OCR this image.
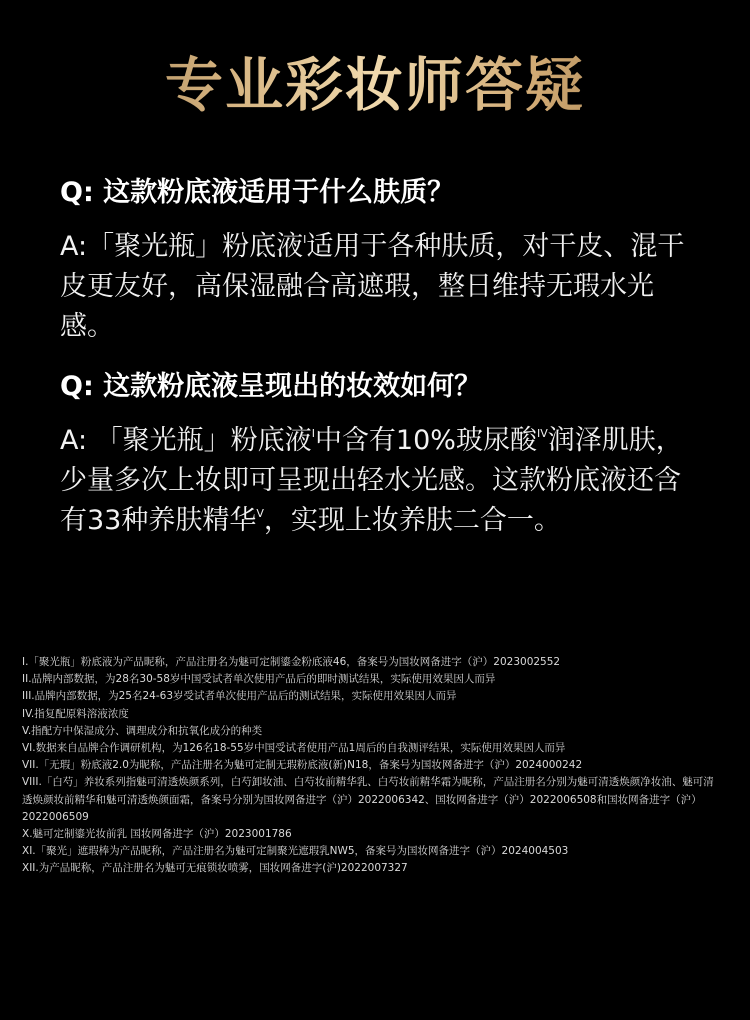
专业彩妆师答疑
Q: 这款粉底液适用于什么肤质？
A:「聚光瓶」粉底液$^I$适用于各种肤质，对干皮、混干皮更友好，高保湿融合高遮瑕，整日维持无瑕水光感。
Q: 这款粉底液呈现出的妆效如何？
A: 「聚光瓶」粉底液$^I$中含有10%玻尿酸$^{IV}$润泽肌肤，少量多次上妆即可呈现出轻水光感。这款粉底液还含有33种养肤精华$^V$，实现上妆养肤二合一。
I.「聚光瓶」粉底液为产品昵称，产品注册名为魅可定制鎏金粉底液46，备案号为国妆网备进字（沪）2023002552
II.品牌内部数据，为28名30-58岁中国受试者单次使用产品后的即时测试结果，实际使用效果因人而异
III.品牌内部数据，为25名24-63岁受试者单次使用产品后的测试结果，实际使用效果因人而异
IV.指复配原料溶液浓度
V.指配方中保湿成分、调理成分和抗氧化成分的种类
VI.数据来自品牌合作调研机构，为126名18-55岁中国受试者使用产品1周后的自我测评结果，实际使用效果因人而异
VII.「无瑕」粉底液2.0为昵称，产品注册名为魅可定制无瑕粉底液(新)N18，备案号为国妆网备进字（沪）2024000242
VIII.「白芍」养妆系列指魅可清透焕颜系列，白芍卸妆油、白芍妆前精华乳、白芍妆前精华霜为昵称，产品注册名分别为魅可清透焕颜净妆油、魅可清透焕颜妆前精华和魅可清透焕颜面霜，备案号分别为国妆网备进字（沪）2022006342、国妆网备进字（沪）2022006508和国妆网备进字（沪）2022006509
X.魅可定制鎏光妆前乳 国妆网备进字（沪）2023001786
XI.「聚光」遮瑕棒为产品昵称，产品注册名为魅可定制聚光遮瑕乳NW5，备案号为国妆网备进字（沪）2024004503
XII.为产品昵称，产品注册名为魅可无痕锁妆喷雾，国妆网备进字(沪)2022007327
